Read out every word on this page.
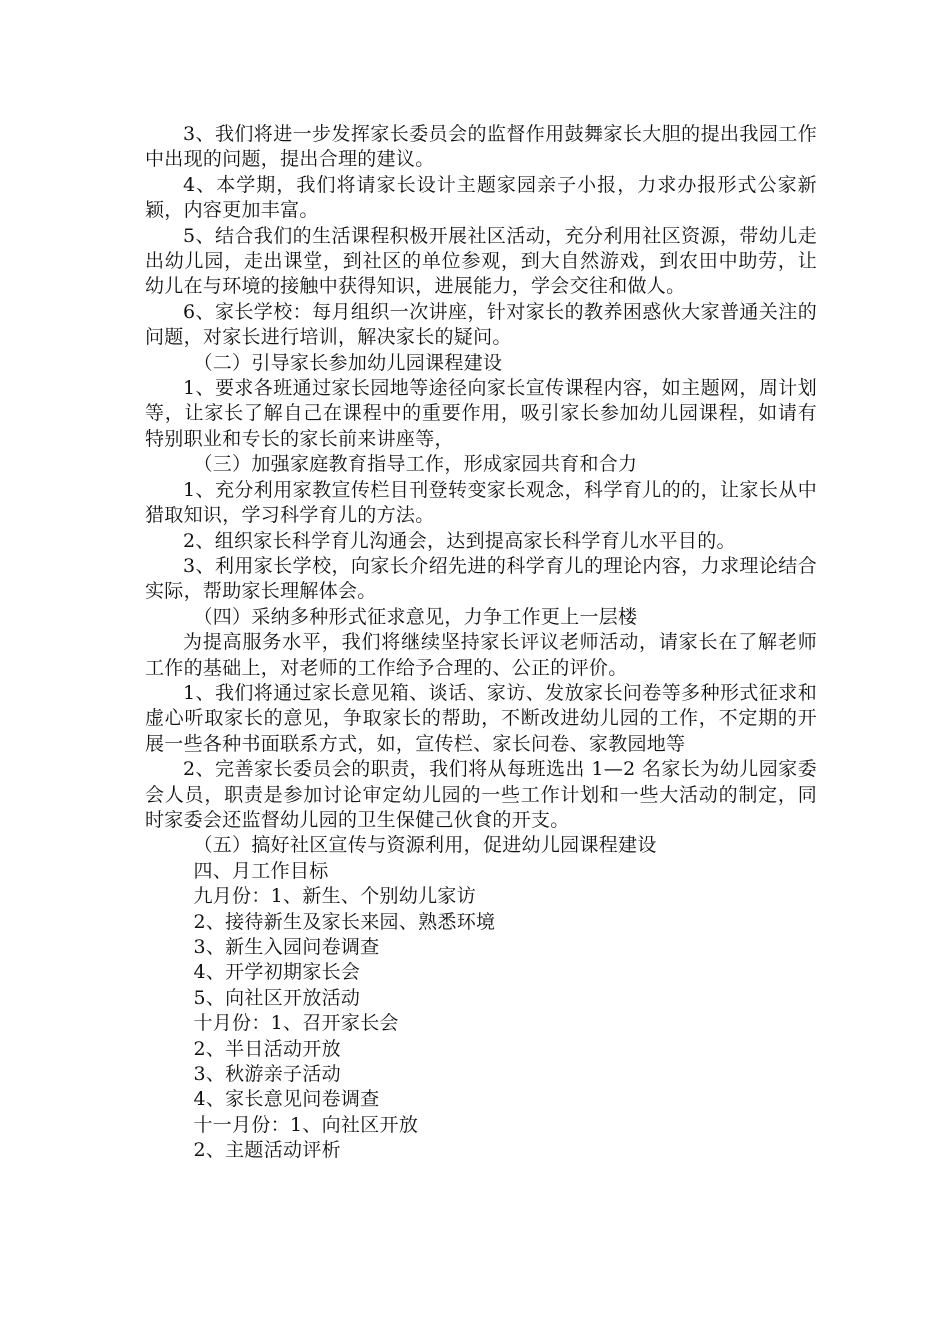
3、我们将进一步发挥家长委员会的监督作用鼓舞家长大胆的提出我园工作中出现的问题，提出合理的建议。

4、本学期，我们将请家长设计主题家园亲子小报，力求办报形式公家新颖，内容更加丰富。

5、结合我们的生活课程积极开展社区活动，充分利用社区资源，带幼儿走出幼儿园，走出课堂，到社区的单位参观，到大自然游戏，到农田中助劳，让幼儿在与环境的接触中获得知识，进展能力，学会交往和做人。

6、家长学校：每月组织一次讲座，针对家长的教养困惑伙大家普通关注的问题，对家长进行培训，解决家长的疑问。

（二）引导家长参加幼儿园课程建设

1、要求各班通过家长园地等途径向家长宣传课程内容，如主题网，周计划等，让家长了解自己在课程中的重要作用，吸引家长参加幼儿园课程，如请有特别职业和专长的家长前来讲座等，

（三）加强家庭教育指导工作，形成家园共育和合力

1、充分利用家教宣传栏目刊登转变家长观念，科学育儿的的，让家长从中猎取知识，学习科学育儿的方法。

2、组织家长科学育儿沟通会，达到提高家长科学育儿水平目的。

3、利用家长学校，向家长介绍先进的科学育儿的理论内容，力求理论结合实际，帮助家长理解体会。

（四）采纳多种形式征求意见，力争工作更上一层楼

为提高服务水平，我们将继续坚持家长评议老师活动，请家长在了解老师工作的基础上，对老师的工作给予合理的、公正的评价。

1、我们将通过家长意见箱、谈话、家访、发放家长问卷等多种形式征求和虚心听取家长的意见，争取家长的帮助，不断改进幼儿园的工作，不定期的开展一些各种书面联系方式，如，宣传栏、家长问卷、家教园地等

2、完善家长委员会的职责，我们将从每班选出 1—2 名家长为幼儿园家委会人员，职责是参加讨论审定幼儿园的一些工作计划和一些大活动的制定，同时家委会还监督幼儿园的卫生保健己伙食的开支。

（五）搞好社区宣传与资源利用，促进幼儿园课程建设

四、月工作目标

九月份：1、新生、个别幼儿家访

2、接待新生及家长来园、熟悉环境

3、新生入园问卷调查

4、开学初期家长会

5、向社区开放活动

十月份：1、召开家长会

2、半日活动开放

3、秋游亲子活动

4、家长意见问卷调查

十一月份：1、向社区开放

2、主题活动评析
